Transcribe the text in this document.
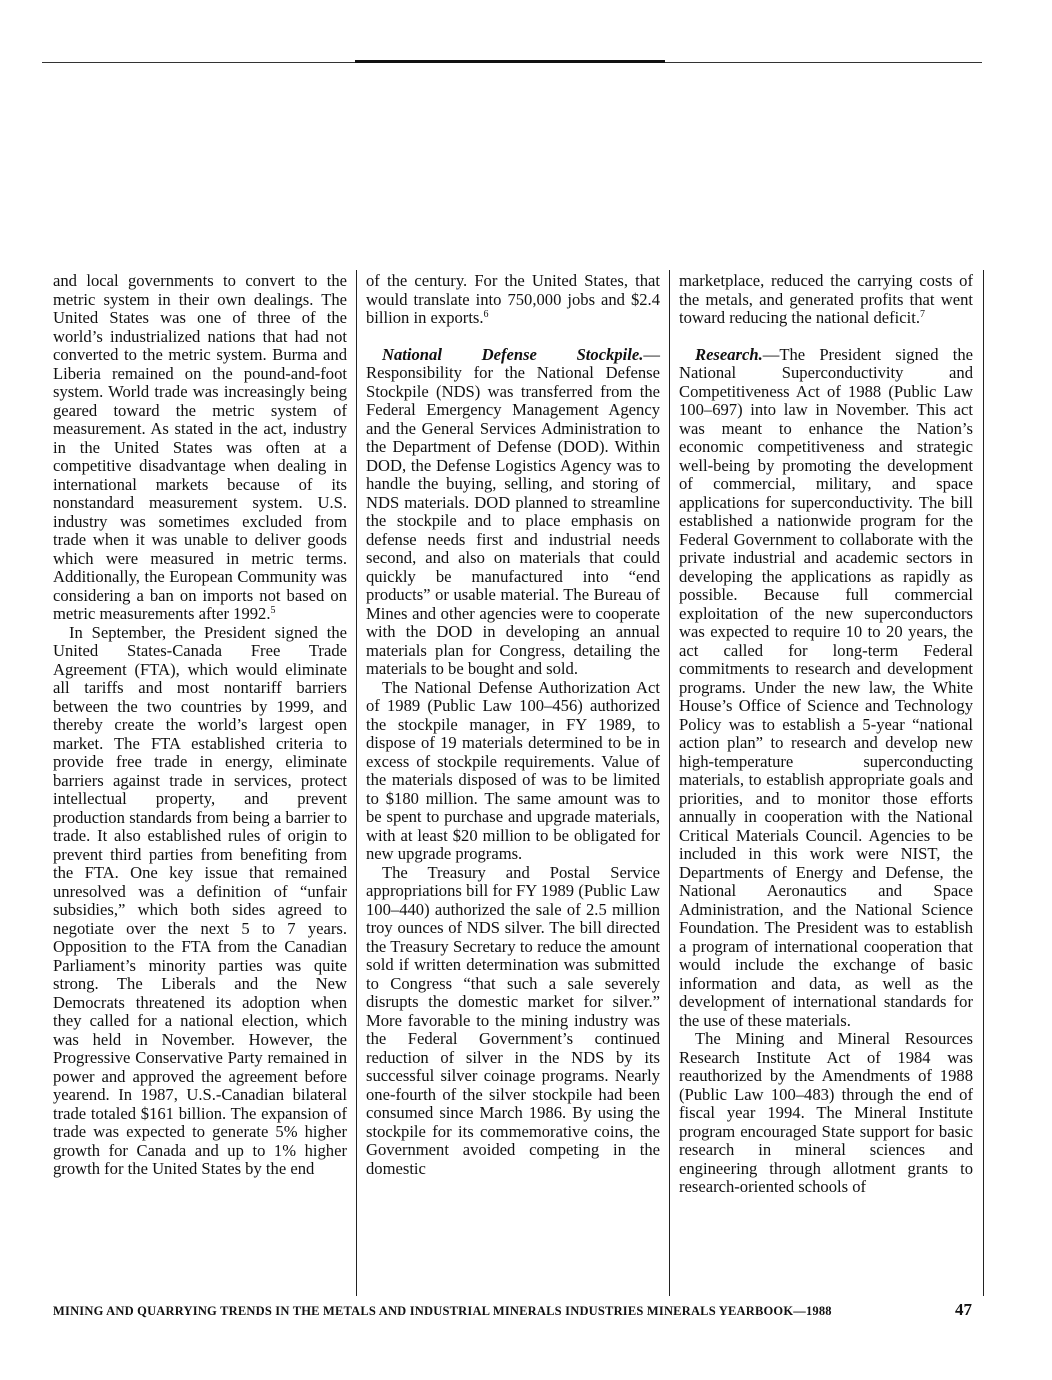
and local governments to convert to the metric system in their own dealings. The United States was one of three of the world’s industrialized nations that had not converted to the metric system. Burma and Liberia remained on the pound-and-foot system. World trade was increasingly being geared toward the metric system of measurement. As stated in the act, industry in the United States was often at a competitive disadvantage when dealing in international markets because of its nonstandard measurement system. U.S. industry was sometimes excluded from trade when it was unable to deliver goods which were measured in metric terms. Additionally, the European Community was considering a ban on imports not based on metric measurements after 1992.$^5$

In September, the President signed the United States-Canada Free Trade Agreement (FTA), which would eliminate all tariffs and most nontariff barriers between the two countries by 1999, and thereby create the world’s largest open market. The FTA established criteria to provide free trade in energy, eliminate barriers against trade in services, protect intellectual property, and prevent production standards from being a barrier to trade. It also established rules of origin to prevent third parties from benefiting from the FTA. One key issue that remained unresolved was a definition of “unfair subsidies,” which both sides agreed to negotiate over the next 5 to 7 years. Opposition to the FTA from the Canadian Parliament’s minority parties was quite strong. The Liberals and the New Democrats threatened its adoption when they called for a national election, which was held in November. However, the Progressive Conservative Party remained in power and approved the agreement before yearend. In 1987, U.S.-Canadian bilateral trade totaled $161 billion. The expansion of trade was expected to generate 5% higher growth for Canada and up to 1% higher growth for the United States by the end

of the century. For the United States, that would translate into 750,000 jobs and $2.4 billion in exports.$^6$

National Defense Stockpile.—Responsibility for the National Defense Stockpile (NDS) was transferred from the Federal Emergency Management Agency and the General Services Administration to the Department of Defense (DOD). Within DOD, the Defense Logistics Agency was to handle the buying, selling, and storing of NDS materials. DOD planned to streamline the stockpile and to place emphasis on defense needs first and industrial needs second, and also on materials that could quickly be manufactured into “end products” or usable material. The Bureau of Mines and other agencies were to cooperate with the DOD in developing an annual materials plan for Congress, detailing the materials to be bought and sold.

The National Defense Authorization Act of 1989 (Public Law 100–456) authorized the stockpile manager, in FY 1989, to dispose of 19 materials determined to be in excess of stockpile requirements. Value of the materials disposed of was to be limited to $180 million. The same amount was to be spent to purchase and upgrade materials, with at least $20 million to be obligated for new upgrade programs.

The Treasury and Postal Service appropriations bill for FY 1989 (Public Law 100–440) authorized the sale of 2.5 million troy ounces of NDS silver. The bill directed the Treasury Secretary to reduce the amount sold if written determination was submitted to Congress “that such a sale severely disrupts the domestic market for silver.” More favorable to the mining industry was the Federal Government’s continued reduction of silver in the NDS by its successful silver coinage programs. Nearly one-fourth of the silver stockpile had been consumed since March 1986. By using the stockpile for its commemorative coins, the Government avoided competing in the domestic

marketplace, reduced the carrying costs of the metals, and generated profits that went toward reducing the national deficit.$^7$

Research.—The President signed the National Superconductivity and Competitiveness Act of 1988 (Public Law 100–697) into law in November. This act was meant to enhance the Nation’s economic competitiveness and strategic well-being by promoting the development of commercial, military, and space applications for superconductivity. The bill established a nationwide program for the Federal Government to collaborate with the private industrial and academic sectors in developing the applications as rapidly as possible. Because full commercial exploitation of the new superconductors was expected to require 10 to 20 years, the act called for long-term Federal commitments to research and development programs. Under the new law, the White House’s Office of Science and Technology Policy was to establish a 5-year “national action plan” to research and develop new high-temperature superconducting materials, to establish appropriate goals and priorities, and to monitor those efforts annually in cooperation with the National Critical Materials Council. Agencies to be included in this work were NIST, the Departments of Energy and Defense, the National Aeronautics and Space Administration, and the National Science Foundation. The President was to establish a program of international cooperation that would include the exchange of basic information and data, as well as the development of international standards for the use of these materials.

The Mining and Mineral Resources Research Institute Act of 1984 was reauthorized by the Amendments of 1988 (Public Law 100–483) through the end of fiscal year 1994. The Mineral Institute program encouraged State support for basic research in mineral sciences and engineering through allotment grants to research-oriented schools of

MINING AND QUARRYING TRENDS IN THE METALS AND INDUSTRIAL MINERALS INDUSTRIES MINERALS YEARBOOK—1988	47
